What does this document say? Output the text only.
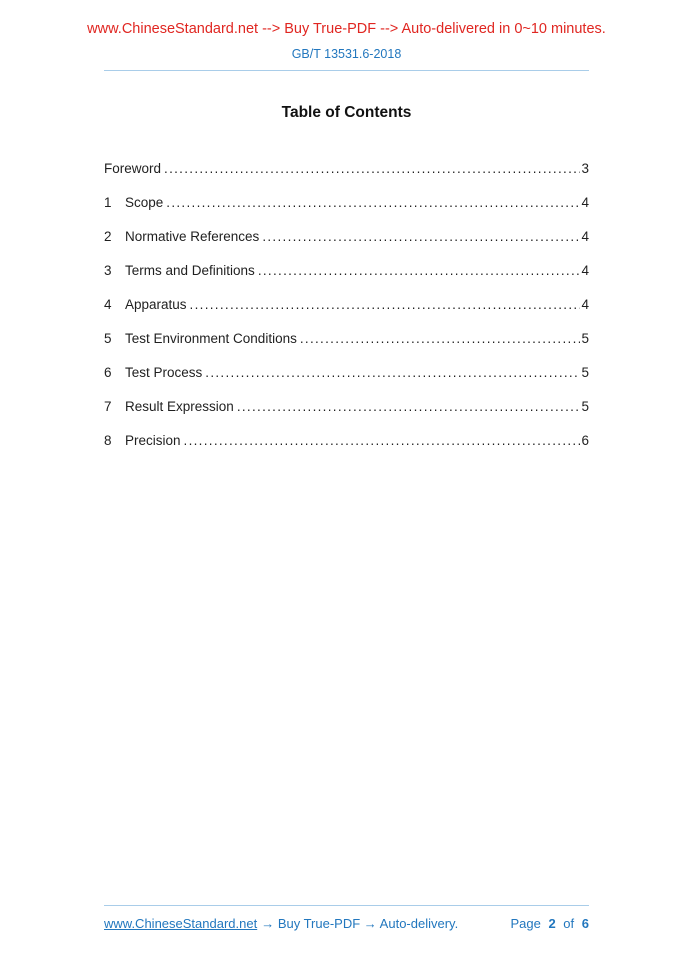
www.ChineseStandard.net --> Buy True-PDF --> Auto-delivered in 0~10 minutes.
GB/T 13531.6-2018
Table of Contents
Foreword .....	3
1 Scope .....	4
2 Normative References .....	4
3 Terms and Definitions .....	4
4 Apparatus .....	4
5 Test Environment Conditions .....	5
6 Test Process .....	5
7 Result Expression .....	5
8 Precision .....	6
www.ChineseStandard.net → Buy True-PDF → Auto-delivery.	Page 2 of 6
